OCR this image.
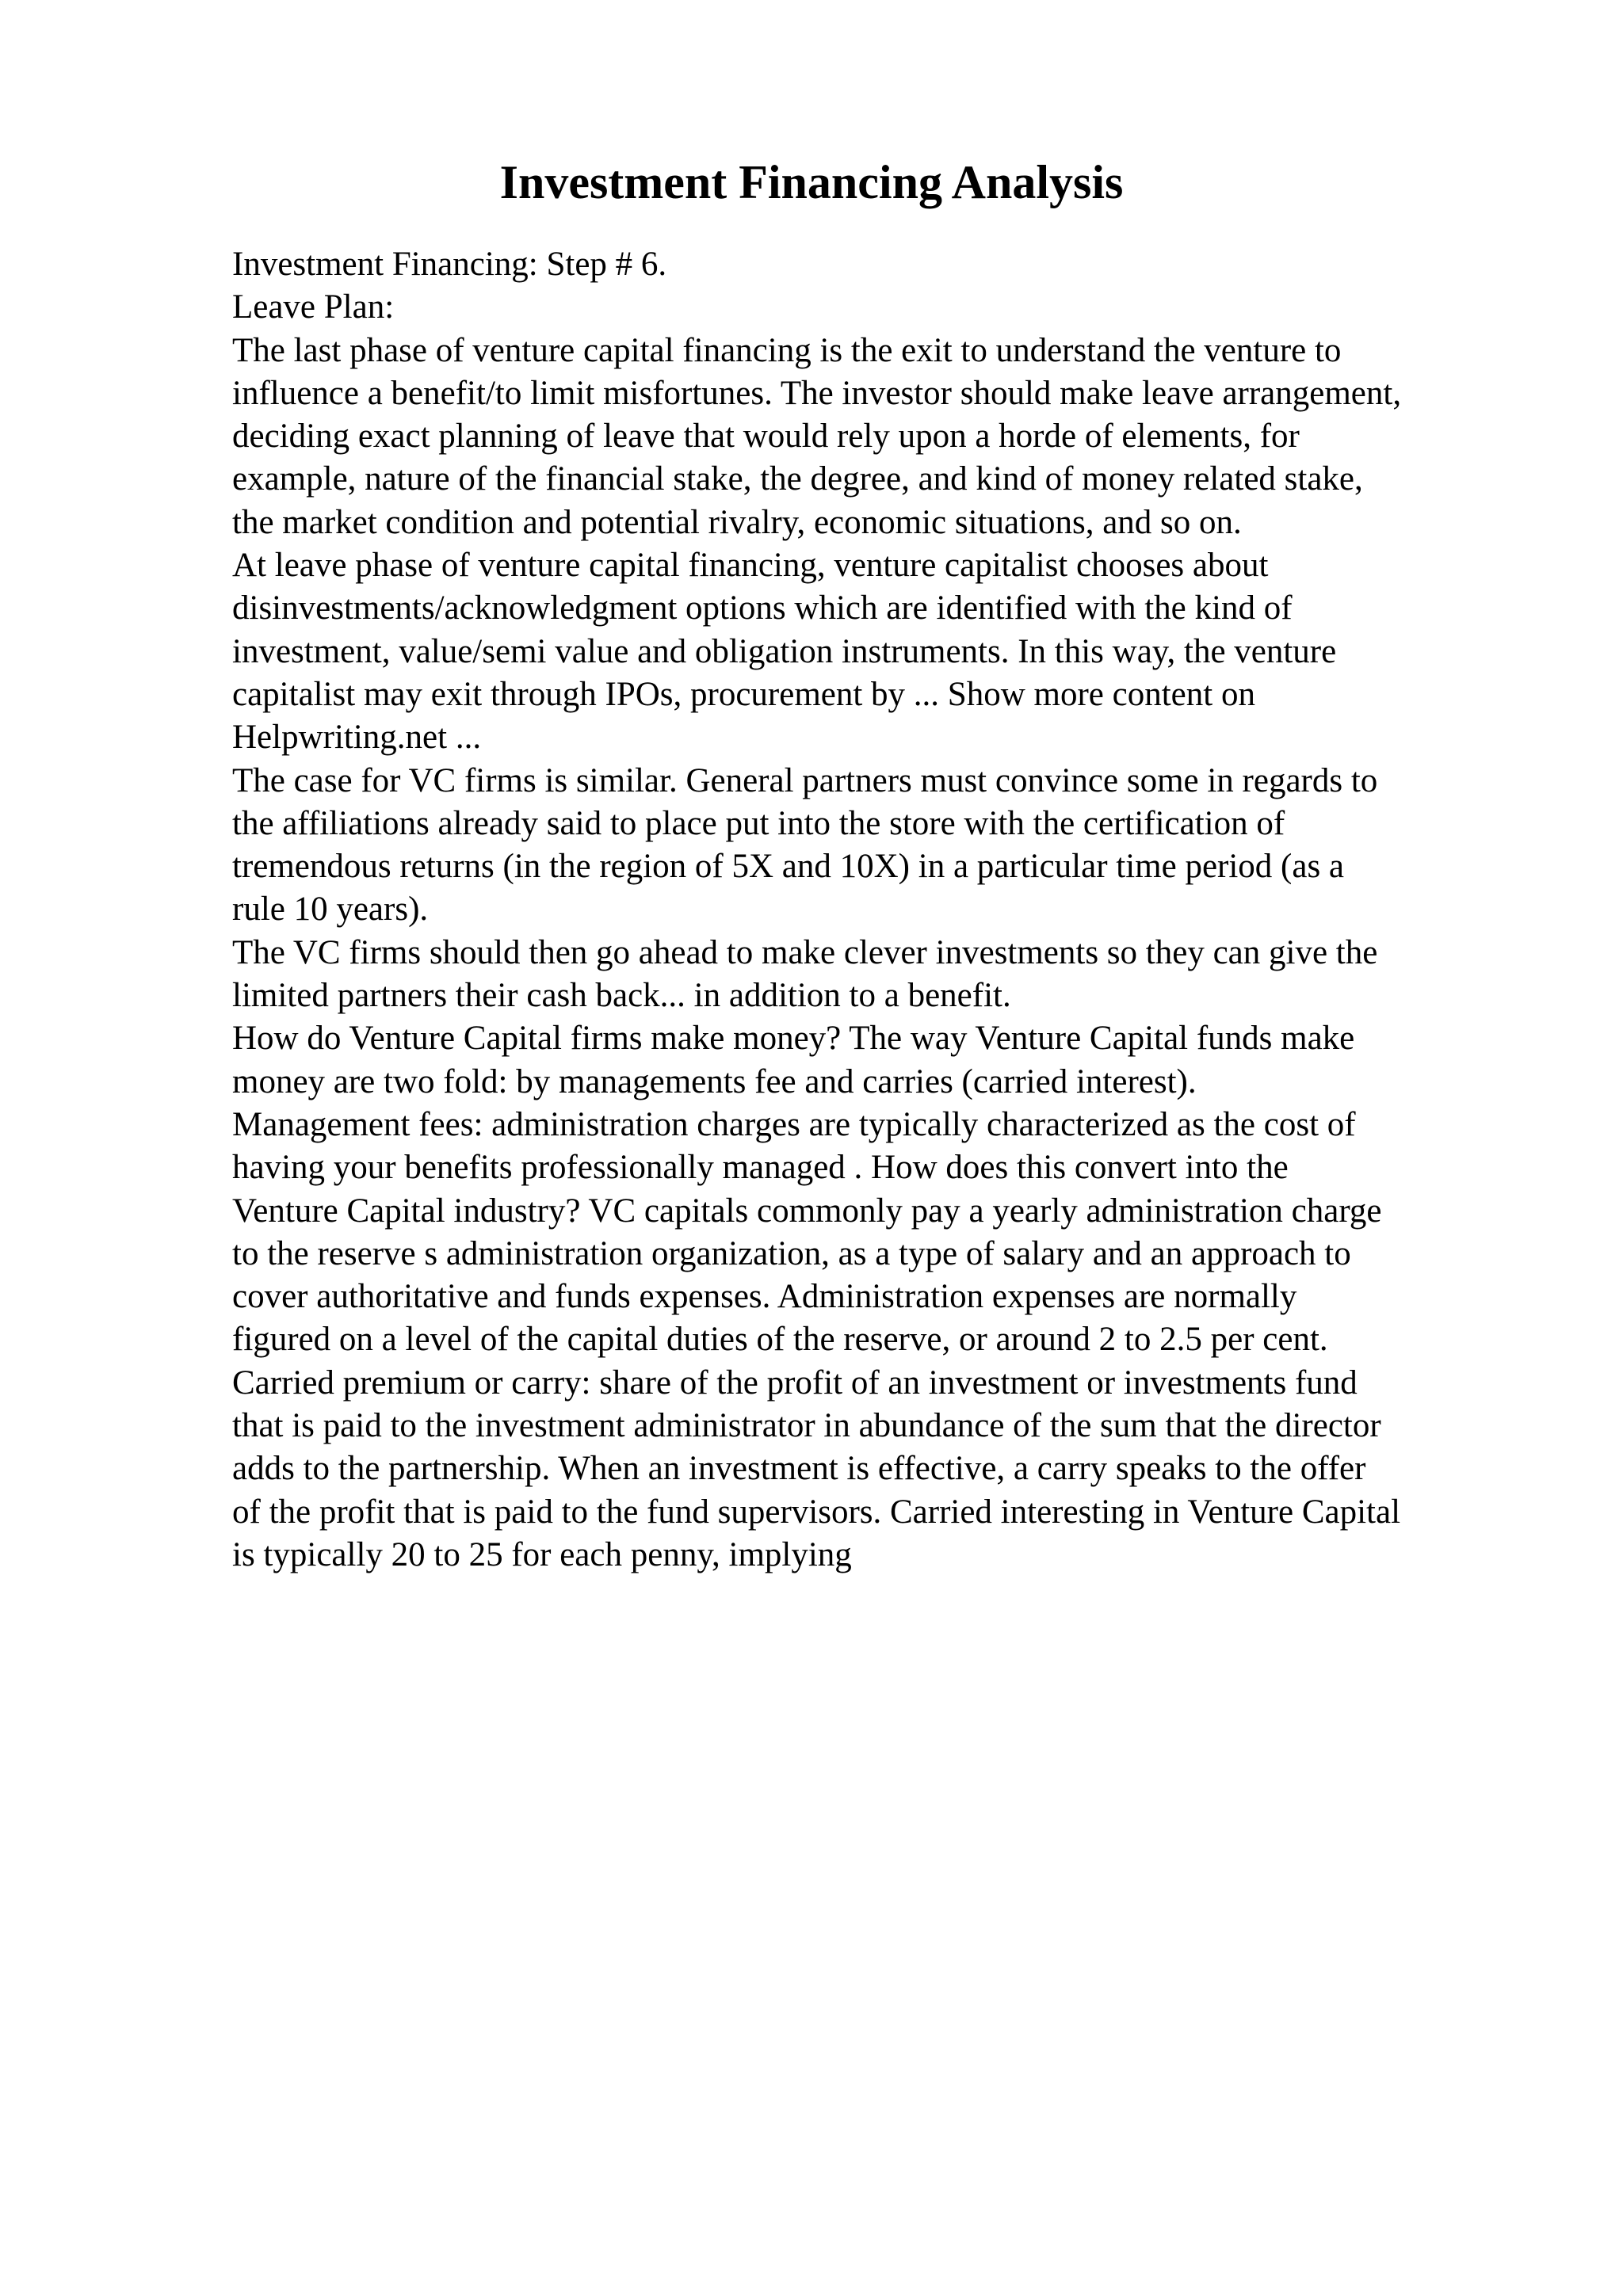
Investment Financing Analysis
Investment Financing: Step # 6.
Leave Plan:
The last phase of venture capital financing is the exit to understand the venture to
influence a benefit/to limit misfortunes. The investor should make leave arrangement,
deciding exact planning of leave that would rely upon a horde of elements, for
example, nature of the financial stake, the degree, and kind of money related stake,
the market condition and potential rivalry, economic situations, and so on.
At leave phase of venture capital financing, venture capitalist chooses about
disinvestments/acknowledgment options which are identified with the kind of
investment, value/semi value and obligation instruments. In this way, the venture
capitalist may exit through IPOs, procurement by ... Show more content on
Helpwriting.net ...
The case for VC firms is similar. General partners must convince some in regards to
the affiliations already said to place put into the store with the certification of
tremendous returns (in the region of 5X and 10X) in a particular time period (as a
rule 10 years).
The VC firms should then go ahead to make clever investments so they can give the
limited partners their cash back... in addition to a benefit.
How do Venture Capital firms make money? The way Venture Capital funds make
money are two fold: by managements fee and carries (carried interest).
Management fees: administration charges are typically characterized as the cost of
having your benefits professionally managed . How does this convert into the
Venture Capital industry? VC capitals commonly pay a yearly administration charge
to the reserve s administration organization, as a type of salary and an approach to
cover authoritative and funds expenses. Administration expenses are normally
figured on a level of the capital duties of the reserve, or around 2 to 2.5 per cent.
Carried premium or carry: share of the profit of an investment or investments fund
that is paid to the investment administrator in abundance of the sum that the director
adds to the partnership. When an investment is effective, a carry speaks to the offer
of the profit that is paid to the fund supervisors. Carried interesting in Venture Capital
is typically 20 to 25 for each penny, implying
